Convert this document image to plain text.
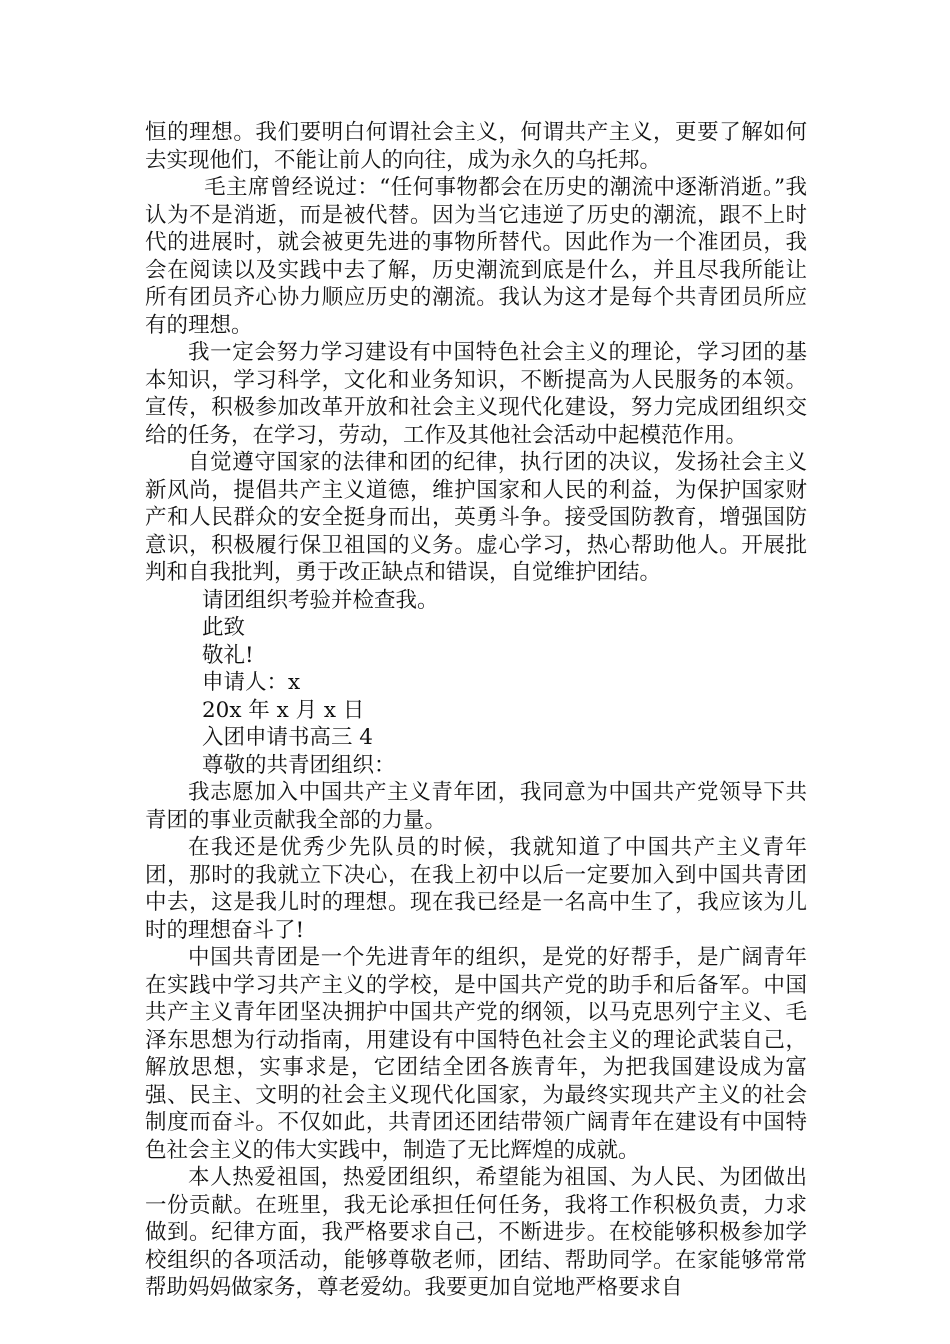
恒的理想。我们要明白何谓社会主义，何谓共产主义，更要了解如何去实现他们，不能让前人的向往，成为永久的乌托邦。

毛主席曾经说过：“任何事物都会在历史的潮流中逐渐消逝。”我认为不是消逝，而是被代替。因为当它违逆了历史的潮流，跟不上时代的进展时，就会被更先进的事物所替代。因此作为一个准团员，我会在阅读以及实践中去了解，历史潮流到底是什么，并且尽我所能让所有团员齐心协力顺应历史的潮流。我认为这才是每个共青团员所应有的理想。

我一定会努力学习建设有中国特色社会主义的理论，学习团的基本知识，学习科学，文化和业务知识，不断提高为人民服务的本领。宣传，积极参加改革开放和社会主义现代化建设，努力完成团组织交给的任务，在学习，劳动，工作及其他社会活动中起模范作用。

自觉遵守国家的法律和团的纪律，执行团的决议，发扬社会主义新风尚，提倡共产主义道德，维护国家和人民的利益，为保护国家财产和人民群众的安全挺身而出，英勇斗争。接受国防教育，增强国防意识，积极履行保卫祖国的义务。虚心学习，热心帮助他人。开展批判和自我批判，勇于改正缺点和错误，自觉维护团结。

请团组织考验并检查我。

此致

敬礼!

申请人：x

20x 年 x 月 x 日

入团申请书高三 4

尊敬的共青团组织：

我志愿加入中国共产主义青年团，我同意为中国共产党领导下共青团的事业贡献我全部的力量。

在我还是优秀少先队员的时候，我就知道了中国共产主义青年团，那时的我就立下决心，在我上初中以后一定要加入到中国共青团中去，这是我儿时的理想。现在我已经是一名高中生了，我应该为儿时的理想奋斗了!

中国共青团是一个先进青年的组织，是党的好帮手，是广阔青年在实践中学习共产主义的学校，是中国共产党的助手和后备军。中国共产主义青年团坚决拥护中国共产党的纲领，以马克思列宁主义、毛泽东思想为行动指南，用建设有中国特色社会主义的理论武装自己，解放思想，实事求是，它团结全团各族青年，为把我国建设成为富强、民主、文明的社会主义现代化国家，为最终实现共产主义的社会制度而奋斗。不仅如此，共青团还团结带领广阔青年在建设有中国特色社会主义的伟大实践中，制造了无比辉煌的成就。

本人热爱祖国，热爱团组织，希望能为祖国、为人民、为团做出一份贡献。在班里，我无论承担任何任务，我将工作积极负责，力求做到。纪律方面，我严格要求自己，不断进步。在校能够积极参加学校组织的各项活动，能够尊敬老师，团结、帮助同学。在家能够常常帮助妈妈做家务，尊老爱幼。我要更加自觉地严格要求自
